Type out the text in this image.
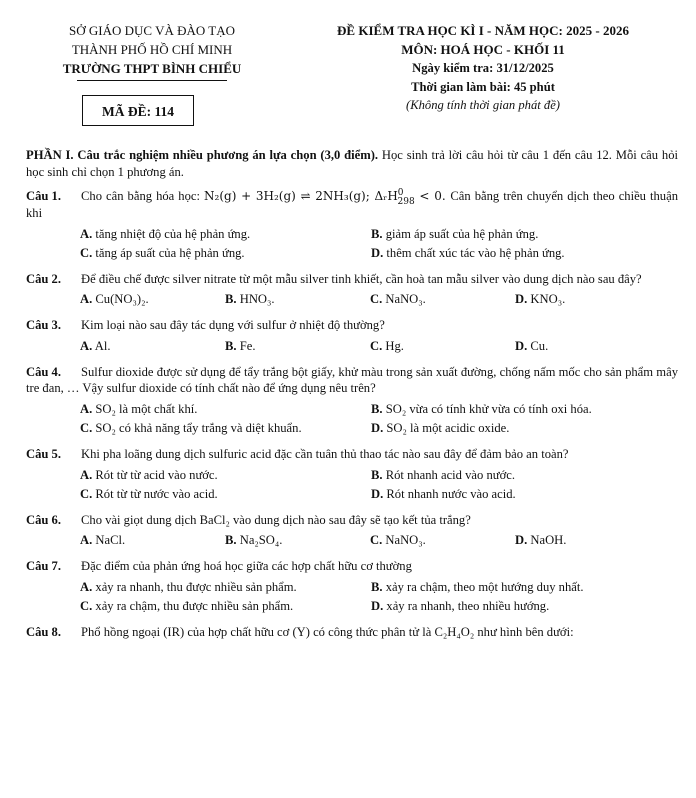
SỞ GIÁO DỤC VÀ ĐÀO TẠO
THÀNH PHỐ HỒ CHÍ MINH
TRƯỜNG THPT BÌNH CHIỂU
MÃ ĐỀ: 114
ĐỀ KIỂM TRA HỌC KÌ I - NĂM HỌC: 2025 - 2026
MÔN: HOÁ HỌC - KHỐI 11
Ngày kiểm tra: 31/12/2025
Thời gian làm bài: 45 phút
(Không tính thời gian phát đề)
PHẦN I. Câu trắc nghiệm nhiều phương án lựa chọn (3,0 điểm). Học sinh trả lời câu hỏi từ câu 1 đến câu 12. Mỗi câu hỏi học sinh chỉ chọn 1 phương án.
Câu 1. Cho cân bằng hóa học: N₂(g) + 3H₂(g) ⇌ 2NH₃(g); ΔᵣH$^0_{298}$ < 0. Cân bằng trên chuyển dịch theo chiều thuận khi
A. tăng nhiệt độ của hệ phản ứng.	B. giảm áp suất của hệ phản ứng.
C. tăng áp suất của hệ phản ứng.	D. thêm chất xúc tác vào hệ phản ứng.
Câu 2. Để điều chế được silver nitrate từ một mẫu silver tinh khiết, cần hoà tan mẫu silver vào dung dịch nào sau đây?
A. Cu(NO₃)₂.	B. HNO₃.	C. NaNO₃.	D. KNO₃.
Câu 3. Kim loại nào sau đây tác dụng với sulfur ở nhiệt độ thường?
A. Al.	B. Fe.	C. Hg.	D. Cu.
Câu 4. Sulfur dioxide được sử dụng để tẩy trắng bột giấy, khử màu trong sản xuất đường, chống nấm mốc cho sản phẩm mây tre đan, … Vậy sulfur dioxide có tính chất nào để ứng dụng nêu trên?
A. SO₂ là một chất khí.	B. SO₂ vừa có tính khử vừa có tính oxi hóa.
C. SO₂ có khả năng tẩy trắng và diệt khuẩn.	D. SO₂ là một acidic oxide.
Câu 5. Khi pha loãng dung dịch sulfuric acid đặc cần tuân thủ thao tác nào sau đây để đảm bảo an toàn?
A. Rót từ từ acid vào nước.	B. Rót nhanh acid vào nước.
C. Rót từ từ nước vào acid.	D. Rót nhanh nước vào acid.
Câu 6. Cho vài giọt dung dịch BaCl₂ vào dung dịch nào sau đây sẽ tạo kết tủa trắng?
A. NaCl.	B. Na₂SO₄.	C. NaNO₃.	D. NaOH.
Câu 7. Đặc điểm của phản ứng hoá học giữa các hợp chất hữu cơ thường
A. xảy ra nhanh, thu được nhiều sản phẩm.	B. xảy ra chậm, theo một hướng duy nhất.
C. xảy ra chậm, thu được nhiều sản phẩm.	D. xảy ra nhanh, theo nhiều hướng.
Câu 8. Phổ hồng ngoại (IR) của hợp chất hữu cơ (Y) có công thức phân tử là C₂H₄O₂ như hình bên dưới:
